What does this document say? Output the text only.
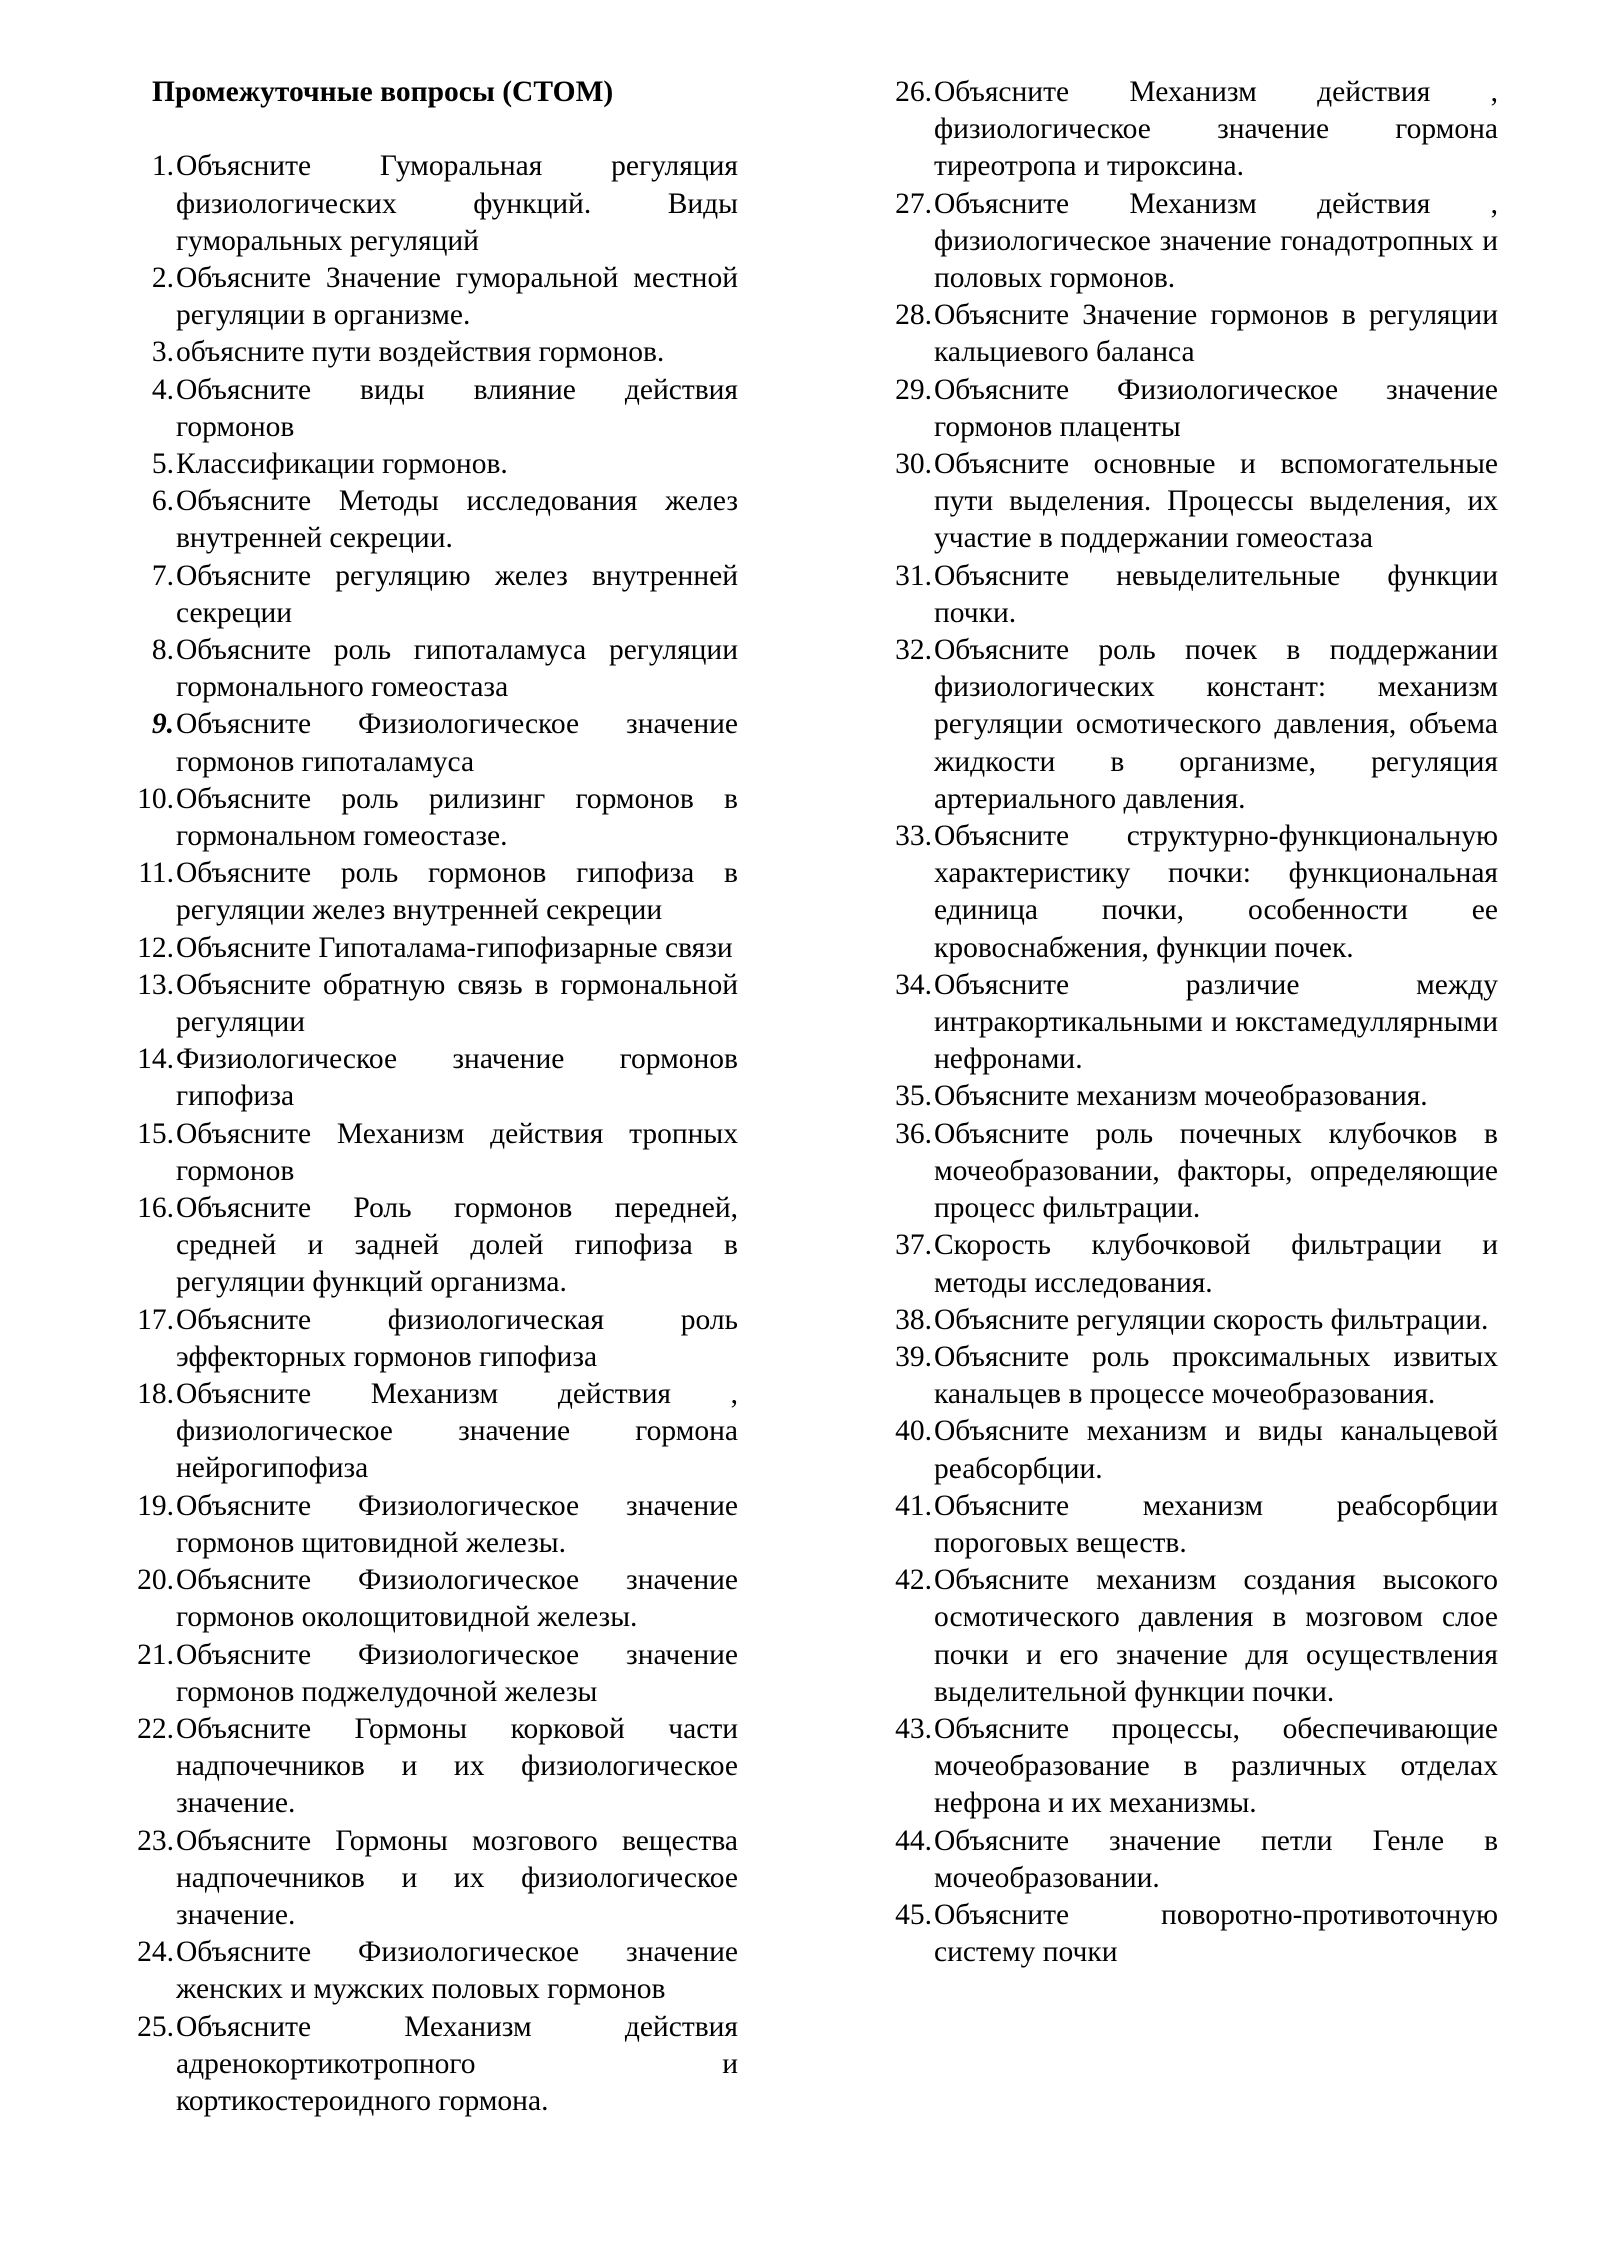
Промежуточные вопросы (СТОМ)
1. Объясните Гуморальная регуляция физиологических функций. Виды гуморальных регуляций
2. Объясните Значение гуморальной местной регуляции в организме.
3. объясните пути воздействия гормонов.
4. Объясните виды влияние действия гормонов
5. Классификации гормонов.
6. Объясните Методы исследования желез внутренней секреции.
7. Объясните регуляцию желез внутренней секреции
8. Объясните роль гипоталамуса регуляции гормонального гомеостаза
9. Объясните Физиологическое значение гормонов гипоталамуса
10. Объясните роль рилизинг гормонов в гормональном гомеостазе.
11. Объясните роль гормонов гипофиза в регуляции желез внутренней секреции
12. Объясните Гипоталама-гипофизарные связи
13. Объясните обратную связь в гормональной регуляции
14. Физиологическое значение гормонов гипофиза
15. Объясните Механизм действия тропных гормонов
16. Объясните Роль гормонов передней, средней и задней долей гипофиза в регуляции функций организма.
17. Объясните физиологическая роль эффекторных гормонов гипофиза
18. Объясните Механизм действия , физиологическое значение гормона нейрогипофиза
19. Объясните Физиологическое значение гормонов щитовидной железы.
20. Объясните Физиологическое значение гормонов околощитовидной железы.
21. Объясните Физиологическое значение гормонов поджелудочной железы
22. Объясните Гормоны корковой части надпочечников и их физиологическое значение.
23. Объясните Гормоны мозгового вещества надпочечников и их физиологическое значение.
24. Объясните Физиологическое значение женских и мужских половых гормонов
25. Объясните Механизм действия адренокортикотропного и кортикостероидного гормона.
26. Объясните Механизм действия , физиологическое значение гормона тиреотропа и тироксина.
27. Объясните Механизм действия , физиологическое значение гонадотропных и половых гормонов.
28. Объясните Значение гормонов в регуляции кальциевого баланса
29. Объясните Физиологическое значение гормонов плаценты
30. Объясните основные и вспомогательные пути выделения. Процессы выделения, их участие в поддержании гомеостаза
31. Объясните невыделительные функции почки.
32. Объясните роль почек в поддержании физиологических констант: механизм регуляции осмотического давления, объема жидкости в организме, регуляция артериального давления.
33. Объясните структурно-функциональную характеристику почки: функциональная единица почки, особенности ее кровоснабжения, функции почек.
34. Объясните различие между интракортикальными и юкстамедуллярными нефронами.
35. Объясните механизм мочеобразования.
36. Объясните роль почечных клубочков в мочеобразовании, факторы, определяющие процесс фильтрации.
37. Скорость клубочковой фильтрации и методы исследования.
38. Объясните регуляции скорость фильтрации.
39. Объясните роль проксимальных извитых канальцев в процессе мочеобразования.
40. Объясните механизм и виды канальцевой реабсорбции.
41. Объясните механизм реабсорбции пороговых веществ.
42. Объясните механизм создания высокого осмотического давления в мозговом слое почки и его значение для осуществления выделительной функции почки.
43. Объясните процессы, обеспечивающие мочеобразование в различных отделах нефрона и их механизмы.
44. Объясните значение петли Генле в мочеобразовании.
45. Объясните поворотно-противоточную систему почки
